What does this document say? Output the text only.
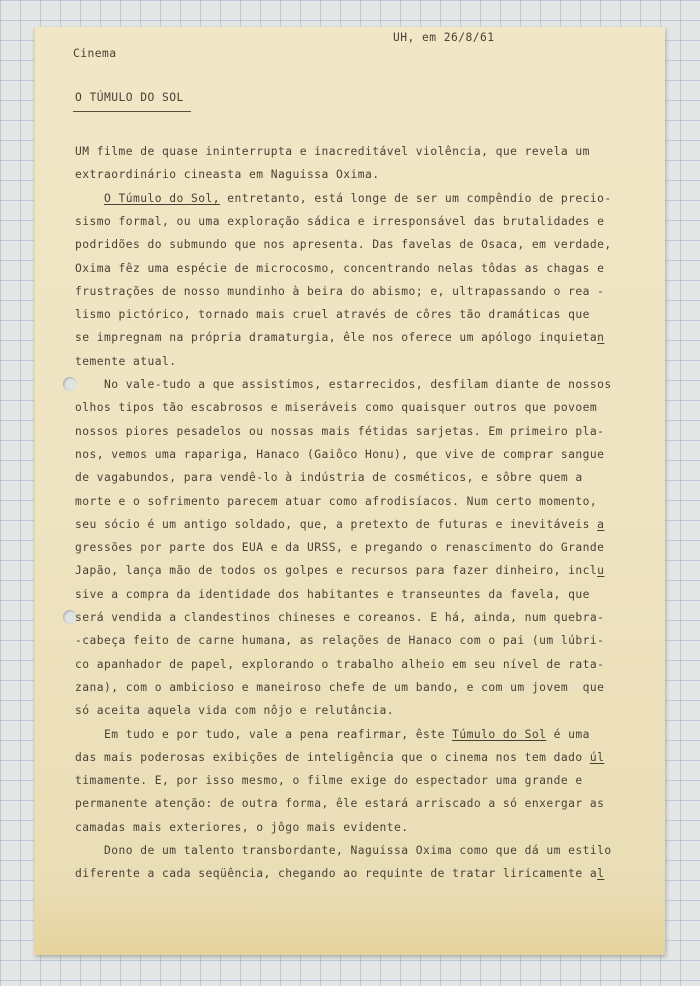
Cinema

UH, em 26/8/61

O TÚMULO DO SOL

UM filme de quase ininterrupta e inacreditável violência, que revela um

extraordinário cineasta em Naguissa Oxima.

O Túmulo do Sol, entretanto, está longe de ser um compêndio de precio-

sismo formal, ou uma exploração sádica e irresponsável das brutalidades e

podridões do submundo que nos apresenta. Das favelas de Osaca, em verdade,

Oxima fêz uma espécie de microcosmo, concentrando nelas tôdas as chagas e

frustrações de nosso mundinho à beira do abismo; e, ultrapassando o rea -

lismo pictórico, tornado mais cruel através de côres tão dramáticas que

se impregnam na própria dramaturgia, êle nos oferece um apólogo inquietan

temente atual.

No vale-tudo a que assistimos, estarrecidos, desfilam diante de nossos

olhos tipos tão escabrosos e miseráveis como quaisquer outros que povoem

nossos piores pesadelos ou nossas mais fétidas sarjetas. Em primeiro pla-

nos, vemos uma rapariga, Hanaco (Gaiôco Honu), que vive de comprar sangue

de vagabundos, para vendê-lo à indústria de cosméticos, e sôbre quem a

morte e o sofrimento parecem atuar como afrodisíacos. Num certo momento,

seu sócio é um antigo soldado, que, a pretexto de futuras e inevitáveis a

gressões por parte dos EUA e da URSS, e pregando o renascimento do Grande

Japão, lança mão de todos os golpes e recursos para fazer dinheiro, inclu

sive a compra da identidade dos habitantes e transeuntes da favela, que

será vendida a clandestinos chineses e coreanos. E há, ainda, num quebra-

-cabeça feito de carne humana, as relações de Hanaco com o pai (um lúbri-

co apanhador de papel, explorando o trabalho alheio em seu nível de rata-

zana), com o ambicioso e maneiroso chefe de um bando, e com um jovem  que

só aceita aquela vida com nôjo e relutância.

Em tudo e por tudo, vale a pena reafirmar, êste Túmulo do Sol é uma

das mais poderosas exibições de inteligência que o cinema nos tem dado úl

timamente. E, por isso mesmo, o filme exige do espectador uma grande e

permanente atenção: de outra forma, êle estará arriscado a só enxergar as

camadas mais exteriores, o jôgo mais evidente.

Dono de um talento transbordante, Naguissa Oxima como que dá um estilo

diferente a cada seqüência, chegando ao requinte de tratar liricamente al
